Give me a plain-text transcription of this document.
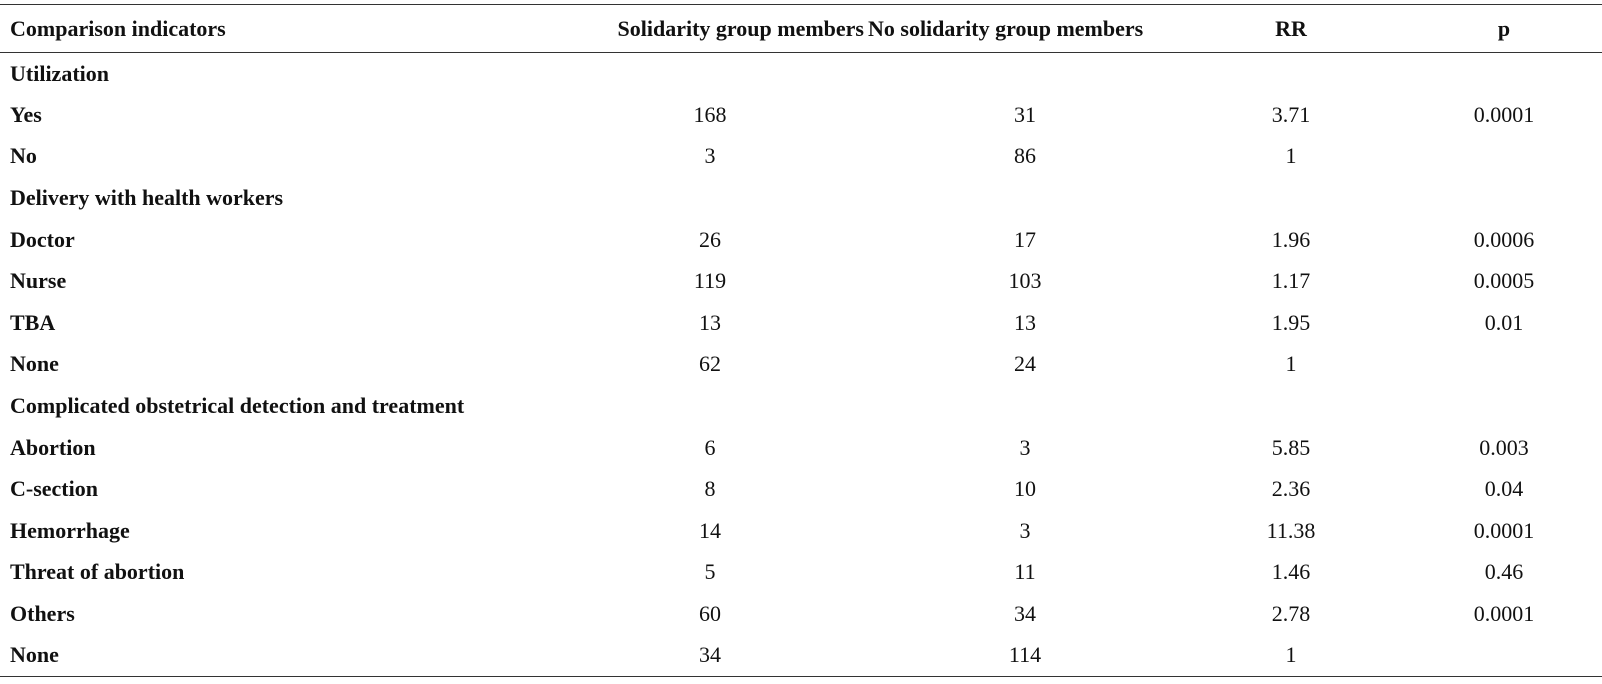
Comparison indicators	Solidarity group members	No solidarity group members	RR	p
Utilization				
Yes	168	31	3.71	0.0001
No	3	86	1	
Delivery with health workers				
Doctor	26	17	1.96	0.0006
Nurse	119	103	1.17	0.0005
TBA	13	13	1.95	0.01
None	62	24	1	
Complicated obstetrical detection and treatment				
Abortion	6	3	5.85	0.003
C-section	8	10	2.36	0.04
Hemorrhage	14	3	11.38	0.0001
Threat of abortion	5	11	1.46	0.46
Others	60	34	2.78	0.0001
None	34	114	1	
